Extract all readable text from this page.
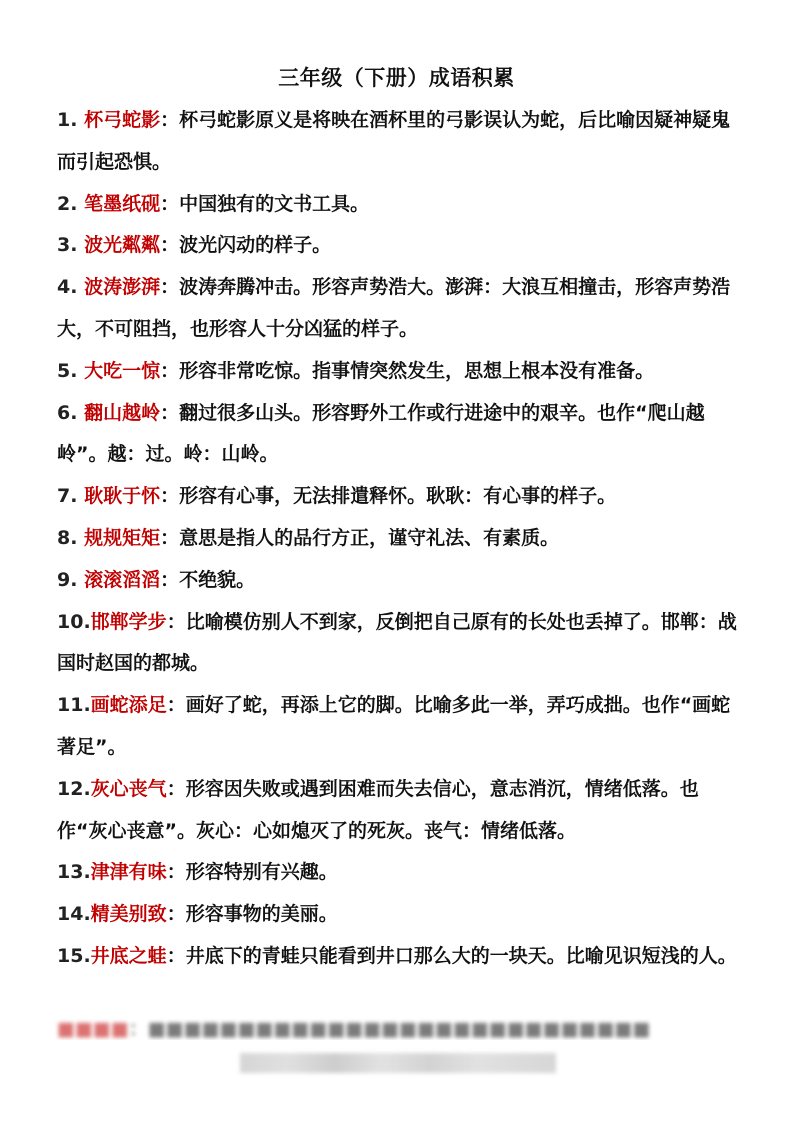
三年级（下册）成语积累

1. 杯弓蛇影：杯弓蛇影原义是将映在酒杯里的弓影误认为蛇，后比喻因疑神疑鬼而引起恐惧。

2. 笔墨纸砚：中国独有的文书工具。

3. 波光粼粼：波光闪动的样子。

4. 波涛澎湃：波涛奔腾冲击。形容声势浩大。澎湃：大浪互相撞击，形容声势浩大，不可阻挡，也形容人十分凶猛的样子。

5. 大吃一惊：形容非常吃惊。指事情突然发生，思想上根本没有准备。

6. 翻山越岭：翻过很多山头。形容野外工作或行进途中的艰辛。也作“爬山越岭”。越：过。岭：山岭。

7. 耿耿于怀：形容有心事，无法排遣释怀。耿耿：有心事的样子。

8. 规规矩矩：意思是指人的品行方正，谨守礼法、有素质。

9. 滚滚滔滔：不绝貌。

10.邯郸学步：比喻模仿别人不到家，反倒把自己原有的长处也丢掉了。邯郸：战国时赵国的都城。

11.画蛇添足：画好了蛇，再添上它的脚。比喻多此一举，弄巧成拙。也作“画蛇著足”。

12.灰心丧气：形容因失败或遇到困难而失去信心，意志消沉，情绪低落。也作“灰心丧意”。灰心：心如熄灭了的死灰。丧气：情绪低落。

13.津津有味：形容特别有兴趣。

14.精美别致：形容事物的美丽。

15.井底之蛙：井底下的青蛙只能看到井口那么大的一块天。比喻见识短浅的人。

■■■■：■■■■■■■■■■■■■■■■■■■■■■■■■■■■
